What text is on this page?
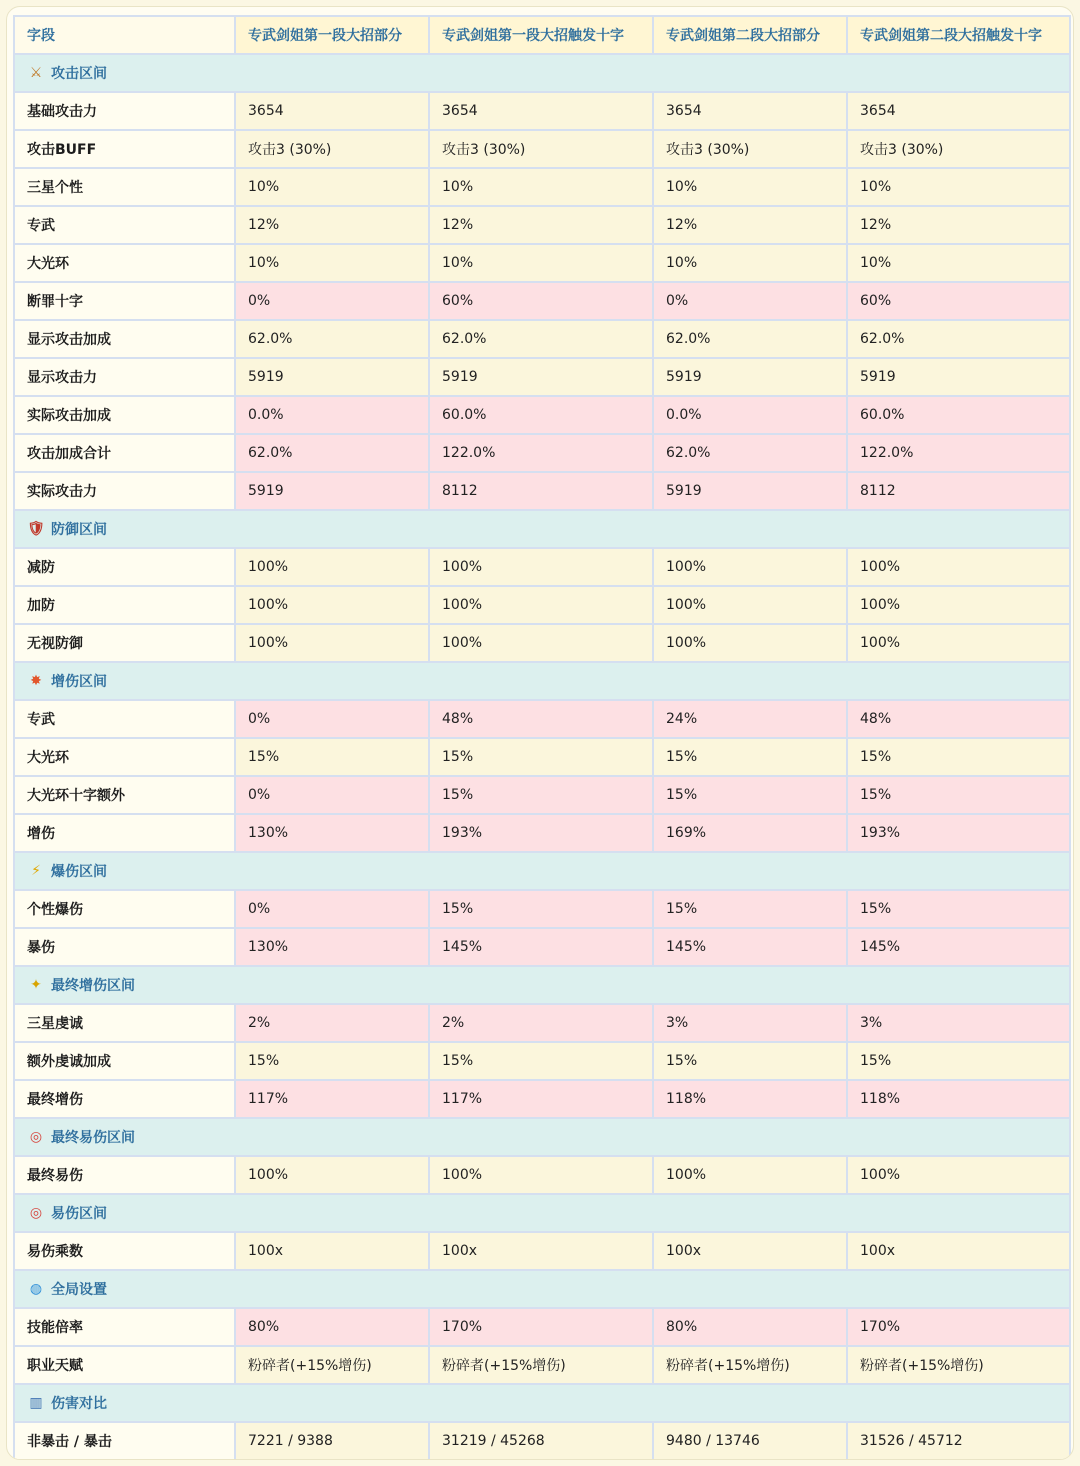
字段	专武剑姐第一段大招部分	专武剑姐第一段大招触发十字	专武剑姐第二段大招部分	专武剑姐第二段大招触发十字
⚔ 攻击区间				
基础攻击力	3654	3654	3654	3654
攻击BUFF	攻击3 (30%)	攻击3 (30%)	攻击3 (30%)	攻击3 (30%)
三星个性	10%	10%	10%	10%
专武	12%	12%	12%	12%
大光环	10%	10%	10%	10%
断罪十字	0%	60%	0%	60%
显示攻击加成	62.0%	62.0%	62.0%	62.0%
显示攻击力	5919	5919	5919	5919
实际攻击加成	0.0%	60.0%	0.0%	60.0%
攻击加成合计	62.0%	122.0%	62.0%	122.0%
实际攻击力	5919	8112	5919	8112
🛡 防御区间				
减防	100%	100%	100%	100%
加防	100%	100%	100%	100%
无视防御	100%	100%	100%	100%
✸ 增伤区间				
专武	0%	48%	24%	48%
大光环	15%	15%	15%	15%
大光环十字额外	0%	15%	15%	15%
增伤	130%	193%	169%	193%
⚡ 爆伤区间				
个性爆伤	0%	15%	15%	15%
暴伤	130%	145%	145%	145%
✦ 最终增伤区间				
三星虔诚	2%	2%	3%	3%
额外虔诚加成	15%	15%	15%	15%
最终增伤	117%	117%	118%	118%
◎ 最终易伤区间				
最终易伤	100%	100%	100%	100%
◎ 易伤区间				
易伤乘数	100x	100x	100x	100x
◍ 全局设置				
技能倍率	80%	170%	80%	170%
职业天赋	粉碎者(+15%增伤)	粉碎者(+15%增伤)	粉碎者(+15%增伤)	粉碎者(+15%增伤)
▥ 伤害对比				
非暴击 / 暴击	7221 / 9388	31219 / 45268	9480 / 13746	31526 / 45712
